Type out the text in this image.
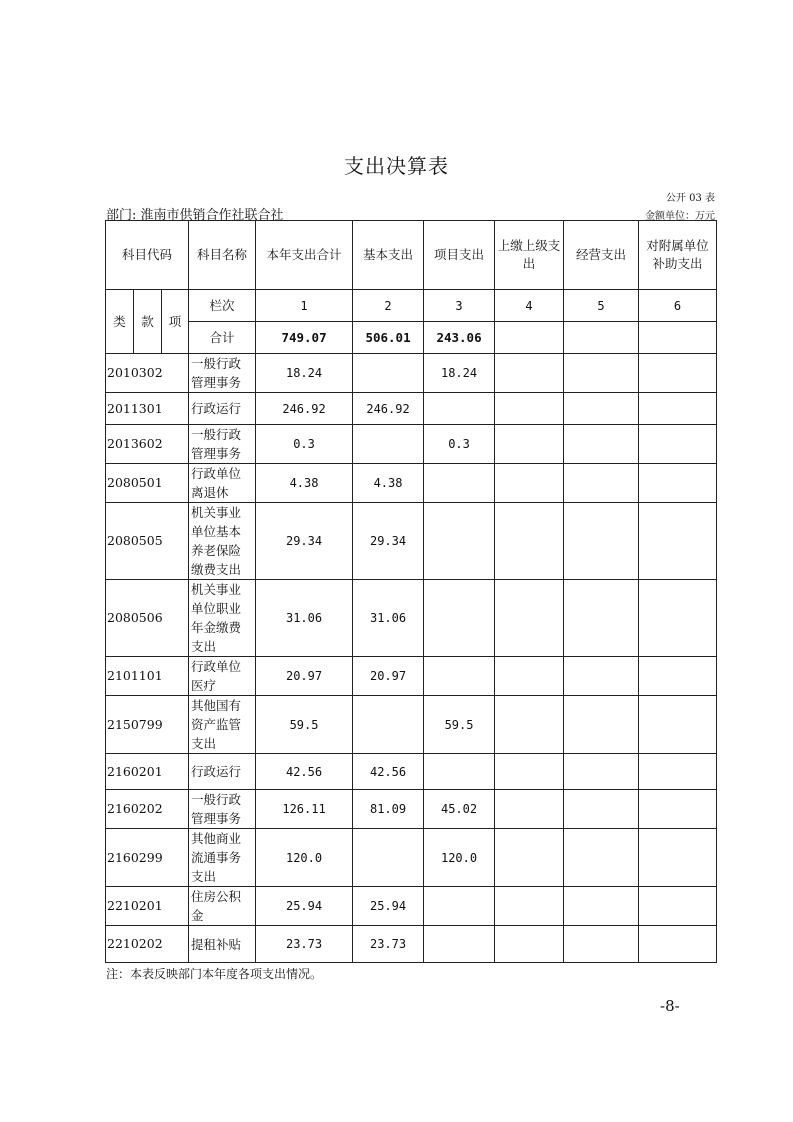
支出决算表
公开 03 表
部门: 淮南市供销合作社联合社	金额单位：万元
科目代码			科目名称	本年支出合计	基本支出	项目支出	上缴上级支出	经营支出	对附属单位补助支出
类	款	项	栏次	1	2	3	4	5	6
			合计	749.07	506.01	243.06			
2010302			一般行政管理事务	18.24		18.24			
2011301			行政运行	246.92	246.92				
2013602			一般行政管理事务	0.3		0.3			
2080501			行政单位离退休	4.38	4.38				
2080505			机关事业单位基本养老保险缴费支出	29.34	29.34				
2080506			机关事业单位职业年金缴费支出	31.06	31.06				
2101101			行政单位医疗	20.97	20.97				
2150799			其他国有资产监管支出	59.5		59.5			
2160201			行政运行	42.56	42.56				
2160202			一般行政管理事务	126.11	81.09	45.02			
2160299			其他商业流通事务支出	120.0		120.0			
2210201			住房公积金	25.94	25.94				
2210202			提租补贴	23.73	23.73				
注：本表反映部门本年度各项支出情况。
-8-
